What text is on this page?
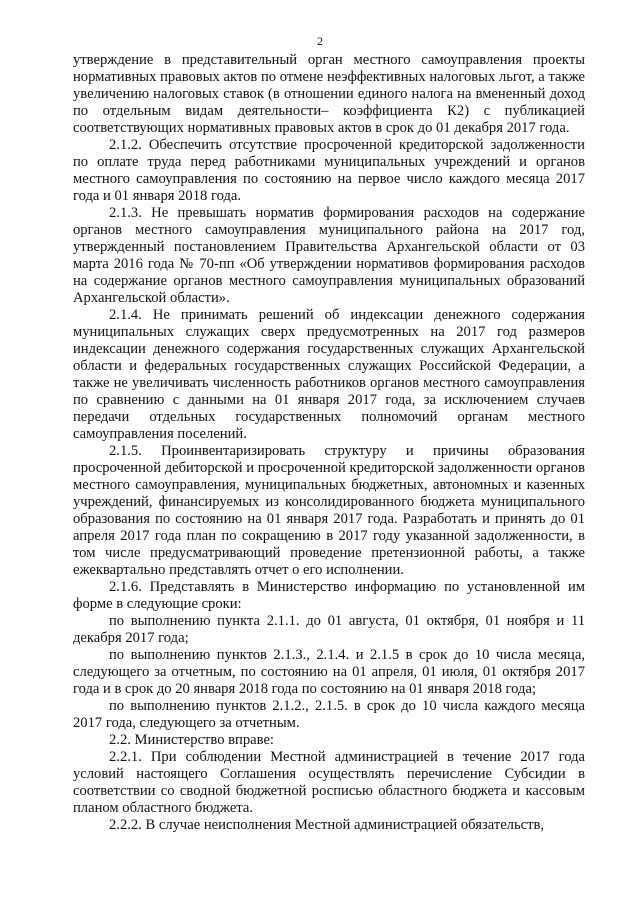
2

утверждение в представительный орган местного самоуправления проекты нормативных правовых актов по отмене неэффективных налоговых льгот, а также увеличению налоговых ставок (в отношении единого налога на вмененный доход по отдельным видам деятельности– коэффициента К2) с публикацией соответствующих нормативных правовых актов в срок до 01 декабря 2017 года.

2.1.2. Обеспечить отсутствие просроченной кредиторской задолженности по оплате труда перед работниками муниципальных учреждений и органов местного самоуправления по состоянию на первое число каждого месяца 2017 года и 01 января 2018 года.

2.1.3. Не превышать норматив формирования расходов на содержание органов местного самоуправления муниципального района на 2017 год, утвержденный постановлением Правительства Архангельской области от 03 марта 2016 года № 70-пп «Об утверждении нормативов формирования расходов на содержание органов местного самоуправления муниципальных образований Архангельской области».

2.1.4. Не принимать решений об индексации денежного содержания муниципальных служащих сверх предусмотренных на 2017 год размеров индексации денежного содержания государственных служащих Архангельской области и федеральных государственных служащих Российской Федерации, а также не увеличивать численность работников органов местного самоуправления по сравнению с данными на 01 января 2017 года, за исключением случаев передачи отдельных государственных полномочий органам местного самоуправления поселений.

2.1.5. Проинвентаризировать структуру и причины образования просроченной дебиторской и просроченной кредиторской задолженности органов местного самоуправления, муниципальных бюджетных, автономных и казенных учреждений, финансируемых из консолидированного бюджета муниципального образования по состоянию на 01 января 2017 года. Разработать и принять до 01 апреля 2017 года план по сокращению в 2017 году указанной задолженности, в том числе предусматривающий проведение претензионной работы, а также ежеквартально представлять отчет о его исполнении.

2.1.6. Представлять в Министерство информацию по установленной им форме в следующие сроки:

по выполнению пункта 2.1.1. до 01 августа, 01 октября, 01 ноября и 11 декабря 2017 года;

по выполнению пунктов 2.1.3., 2.1.4. и 2.1.5 в срок до 10 числа месяца, следующего за отчетным, по состоянию на 01 апреля, 01 июля, 01 октября 2017 года и в срок до 20 января 2018 года по состоянию на 01 января 2018 года;

по выполнению пунктов 2.1.2., 2.1.5. в срок до 10 числа каждого месяца 2017 года, следующего за отчетным.

2.2. Министерство вправе:

2.2.1. При соблюдении Местной администрацией в течение 2017 года условий настоящего Соглашения осуществлять перечисление Субсидии в соответствии со сводной бюджетной росписью областного бюджета и кассовым планом областного бюджета.

2.2.2. В случае неисполнения Местной администрацией обязательств,
